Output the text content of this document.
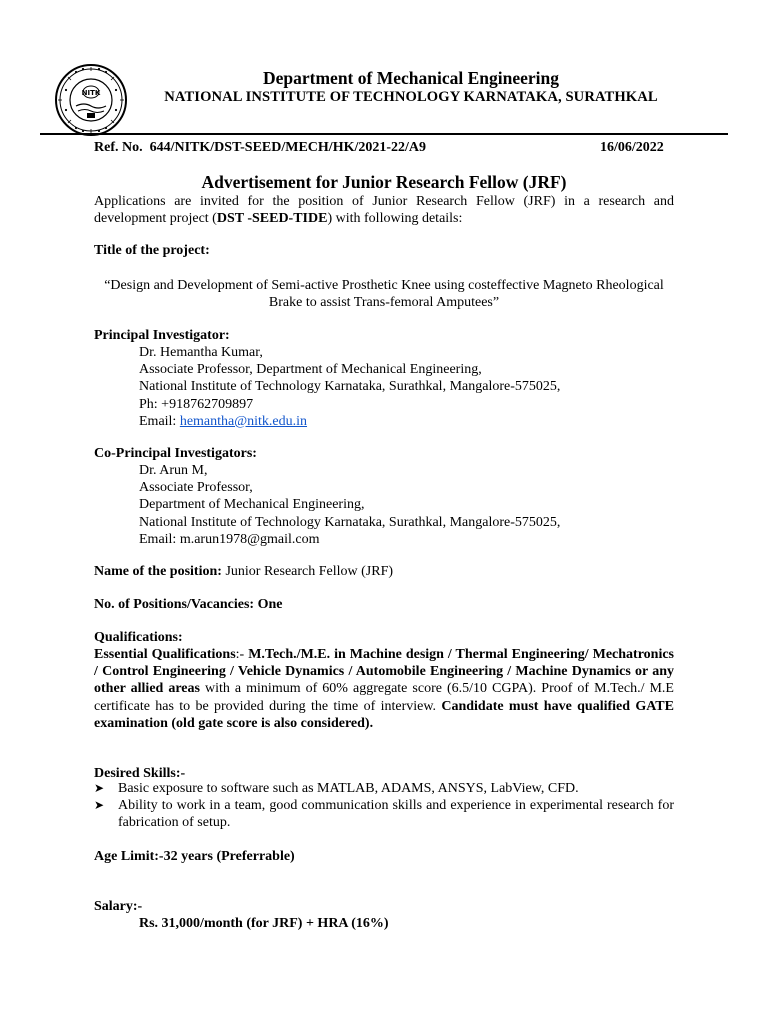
NITK
Department of Mechanical Engineering
NATIONAL INSTITUTE OF TECHNOLOGY KARNATAKA, SURATHKAL
Ref. No. 644/NITK/DST-SEED/MECH/HK/2021-22/A9	16/06/2022
Advertisement for Junior Research Fellow (JRF)
Applications are invited for the position of Junior Research Fellow (JRF) in a research and development project (DST -SEED-TIDE) with following details:
Title of the project:
“Design and Development of Semi-active Prosthetic Knee using costeffective Magneto Rheological Brake to assist Trans-femoral Amputees”
Principal Investigator:
Dr. Hemantha Kumar,
Associate Professor, Department of Mechanical Engineering,
National Institute of Technology Karnataka, Surathkal, Mangalore-575025,
Ph: +918762709897
Email: hemantha@nitk.edu.in
Co-Principal Investigators:
Dr. Arun M,
Associate Professor,
Department of Mechanical Engineering,
National Institute of Technology Karnataka, Surathkal, Mangalore-575025,
Email: m.arun1978@gmail.com
Name of the position: Junior Research Fellow (JRF)
No. of Positions/Vacancies: One
Qualifications:
Essential Qualifications:- M.Tech./M.E. in Machine design / Thermal Engineering/ Mechatronics / Control Engineering / Vehicle Dynamics / Automobile Engineering / Machine Dynamics or any other allied areas with a minimum of 60% aggregate score (6.5/10 CGPA). Proof of M.Tech./ M.E certificate has to be provided during the time of interview. Candidate must have qualified GATE examination (old gate score is also considered).
Desired Skills:-
➤ Basic exposure to software such as MATLAB, ADAMS, ANSYS, LabView, CFD.
➤ Ability to work in a team, good communication skills and experience in experimental research for fabrication of setup.
Age Limit:-32 years (Preferrable)
Salary:-
Rs. 31,000/month (for JRF) + HRA (16%)
